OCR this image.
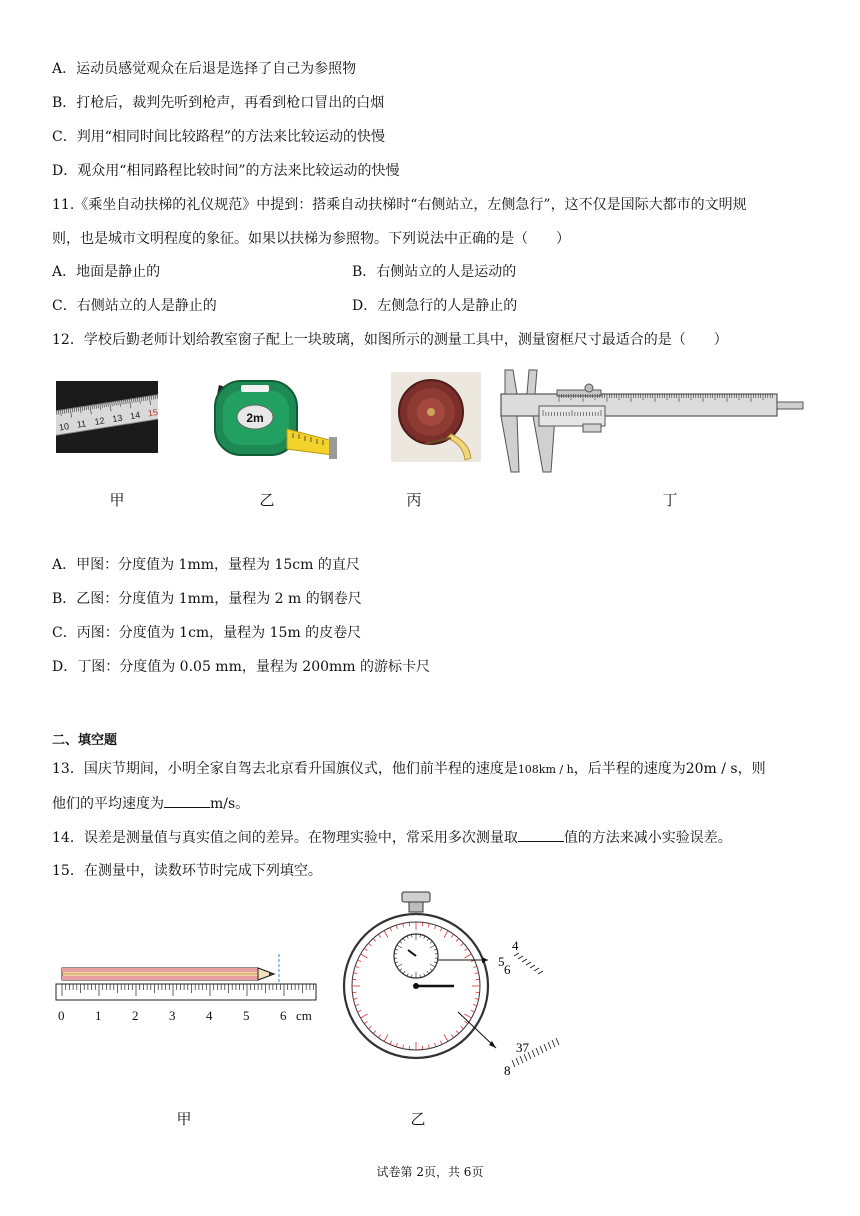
A．运动员感觉观众在后退是选择了自己为参照物
B．打枪后，裁判先听到枪声，再看到枪口冒出的白烟
C．判用“相同时间比较路程”的方法来比较运动的快慢
D．观众用“相同路程比较时间”的方法来比较运动的快慢
11.《乘坐自动扶梯的礼仪规范》中提到：搭乘自动扶梯时“右侧站立，左侧急行”，这不仅是国际大都市的文明规
则，也是城市文明程度的象征。如果以扶梯为参照物。下列说法中正确的是（　　）
A．地面是静止的	B．右侧站立的人是运动的
C．右侧站立的人是静止的	D．左侧急行的人是静止的
12．学校后勤老师计划给教室窗子配上一块玻璃，如图所示的测量工具中，测量窗框尺寸最适合的是（　　）
10 11 12 13 14 15	2m
甲	乙	丙	丁
A．甲图：分度值为 1mm，量程为 15cm 的直尺
B．乙图：分度值为 1mm，量程为 2 m 的钢卷尺
C．丙图：分度值为 1cm，量程为 15m 的皮卷尺
D．丁图：分度值为 0.05 mm，量程为 200mm 的游标卡尺
二、填空题
13．国庆节期间，小明全家自驾去北京看升国旗仪式，他们前半程的速度是108km / h，后半程的速度为20m / s，则
他们的平均速度为	m/s。
14．误差是测量值与真实值之间的差异。在物理实验中，常采用多次测量取	值的方法来减小实验误差。
15．在测量中，读数环节时完成下列填空。
0 1 2 3 4 5 6 cm
4
5
6
37
8
甲	乙
试卷第 2页，共 6页
